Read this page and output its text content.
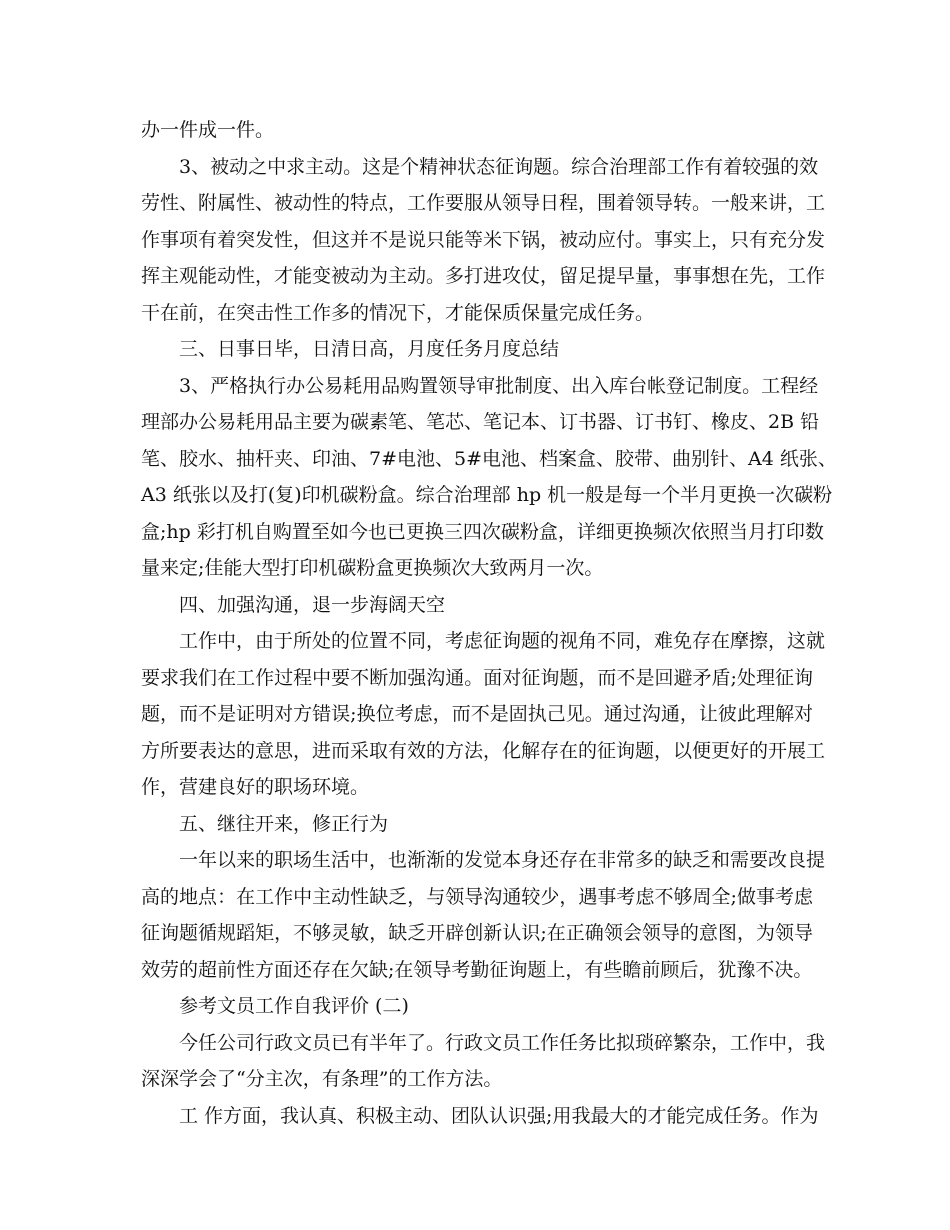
办一件成一件。
3、被动之中求主动。这是个精神状态征询题。综合治理部工作有着较强的效
劳性、附属性、被动性的特点，工作要服从领导日程，围着领导转。一般来讲，工
作事项有着突发性，但这并不是说只能等米下锅，被动应付。事实上，只有充分发
挥主观能动性，才能变被动为主动。多打进攻仗，留足提早量，事事想在先，工作
干在前，在突击性工作多的情况下，才能保质保量完成任务。
三、日事日毕，日清日高，月度任务月度总结
3、严格执行办公易耗用品购置领导审批制度、出入库台帐登记制度。工程经
理部办公易耗用品主要为碳素笔、笔芯、笔记本、订书器、订书钉、橡皮、2B 铅
笔、胶水、抽杆夹、印油、7#电池、5#电池、档案盒、胶带、曲别针、A4 纸张、
A3 纸张以及打(复)印机碳粉盒。综合治理部 hp 机一般是每一个半月更换一次碳粉
盒;hp 彩打机自购置至如今也已更换三四次碳粉盒，详细更换频次依照当月打印数
量来定;佳能大型打印机碳粉盒更换频次大致两月一次。
四、加强沟通，退一步海阔天空
工作中，由于所处的位置不同，考虑征询题的视角不同，难免存在摩擦，这就
要求我们在工作过程中要不断加强沟通。面对征询题，而不是回避矛盾;处理征询
题，而不是证明对方错误;换位考虑，而不是固执己见。通过沟通，让彼此理解对
方所要表达的意思，进而采取有效的方法，化解存在的征询题，以便更好的开展工
作，营建良好的职场环境。
五、继往开来，修正行为
一年以来的职场生活中，也渐渐的发觉本身还存在非常多的缺乏和需要改良提
高的地点：在工作中主动性缺乏，与领导沟通较少，遇事考虑不够周全;做事考虑
征询题循规蹈矩，不够灵敏，缺乏开辟创新认识;在正确领会领导的意图，为领导
效劳的超前性方面还存在欠缺;在领导考勤征询题上，有些瞻前顾后，犹豫不决。
参考文员工作自我评价 (二)
今任公司行政文员已有半年了。行政文员工作任务比拟琐碎繁杂，工作中，我
深深学会了“分主次，有条理”的工作方法。
工 作方面，我认真、积极主动、团队认识强;用我最大的才能完成任务。作为
